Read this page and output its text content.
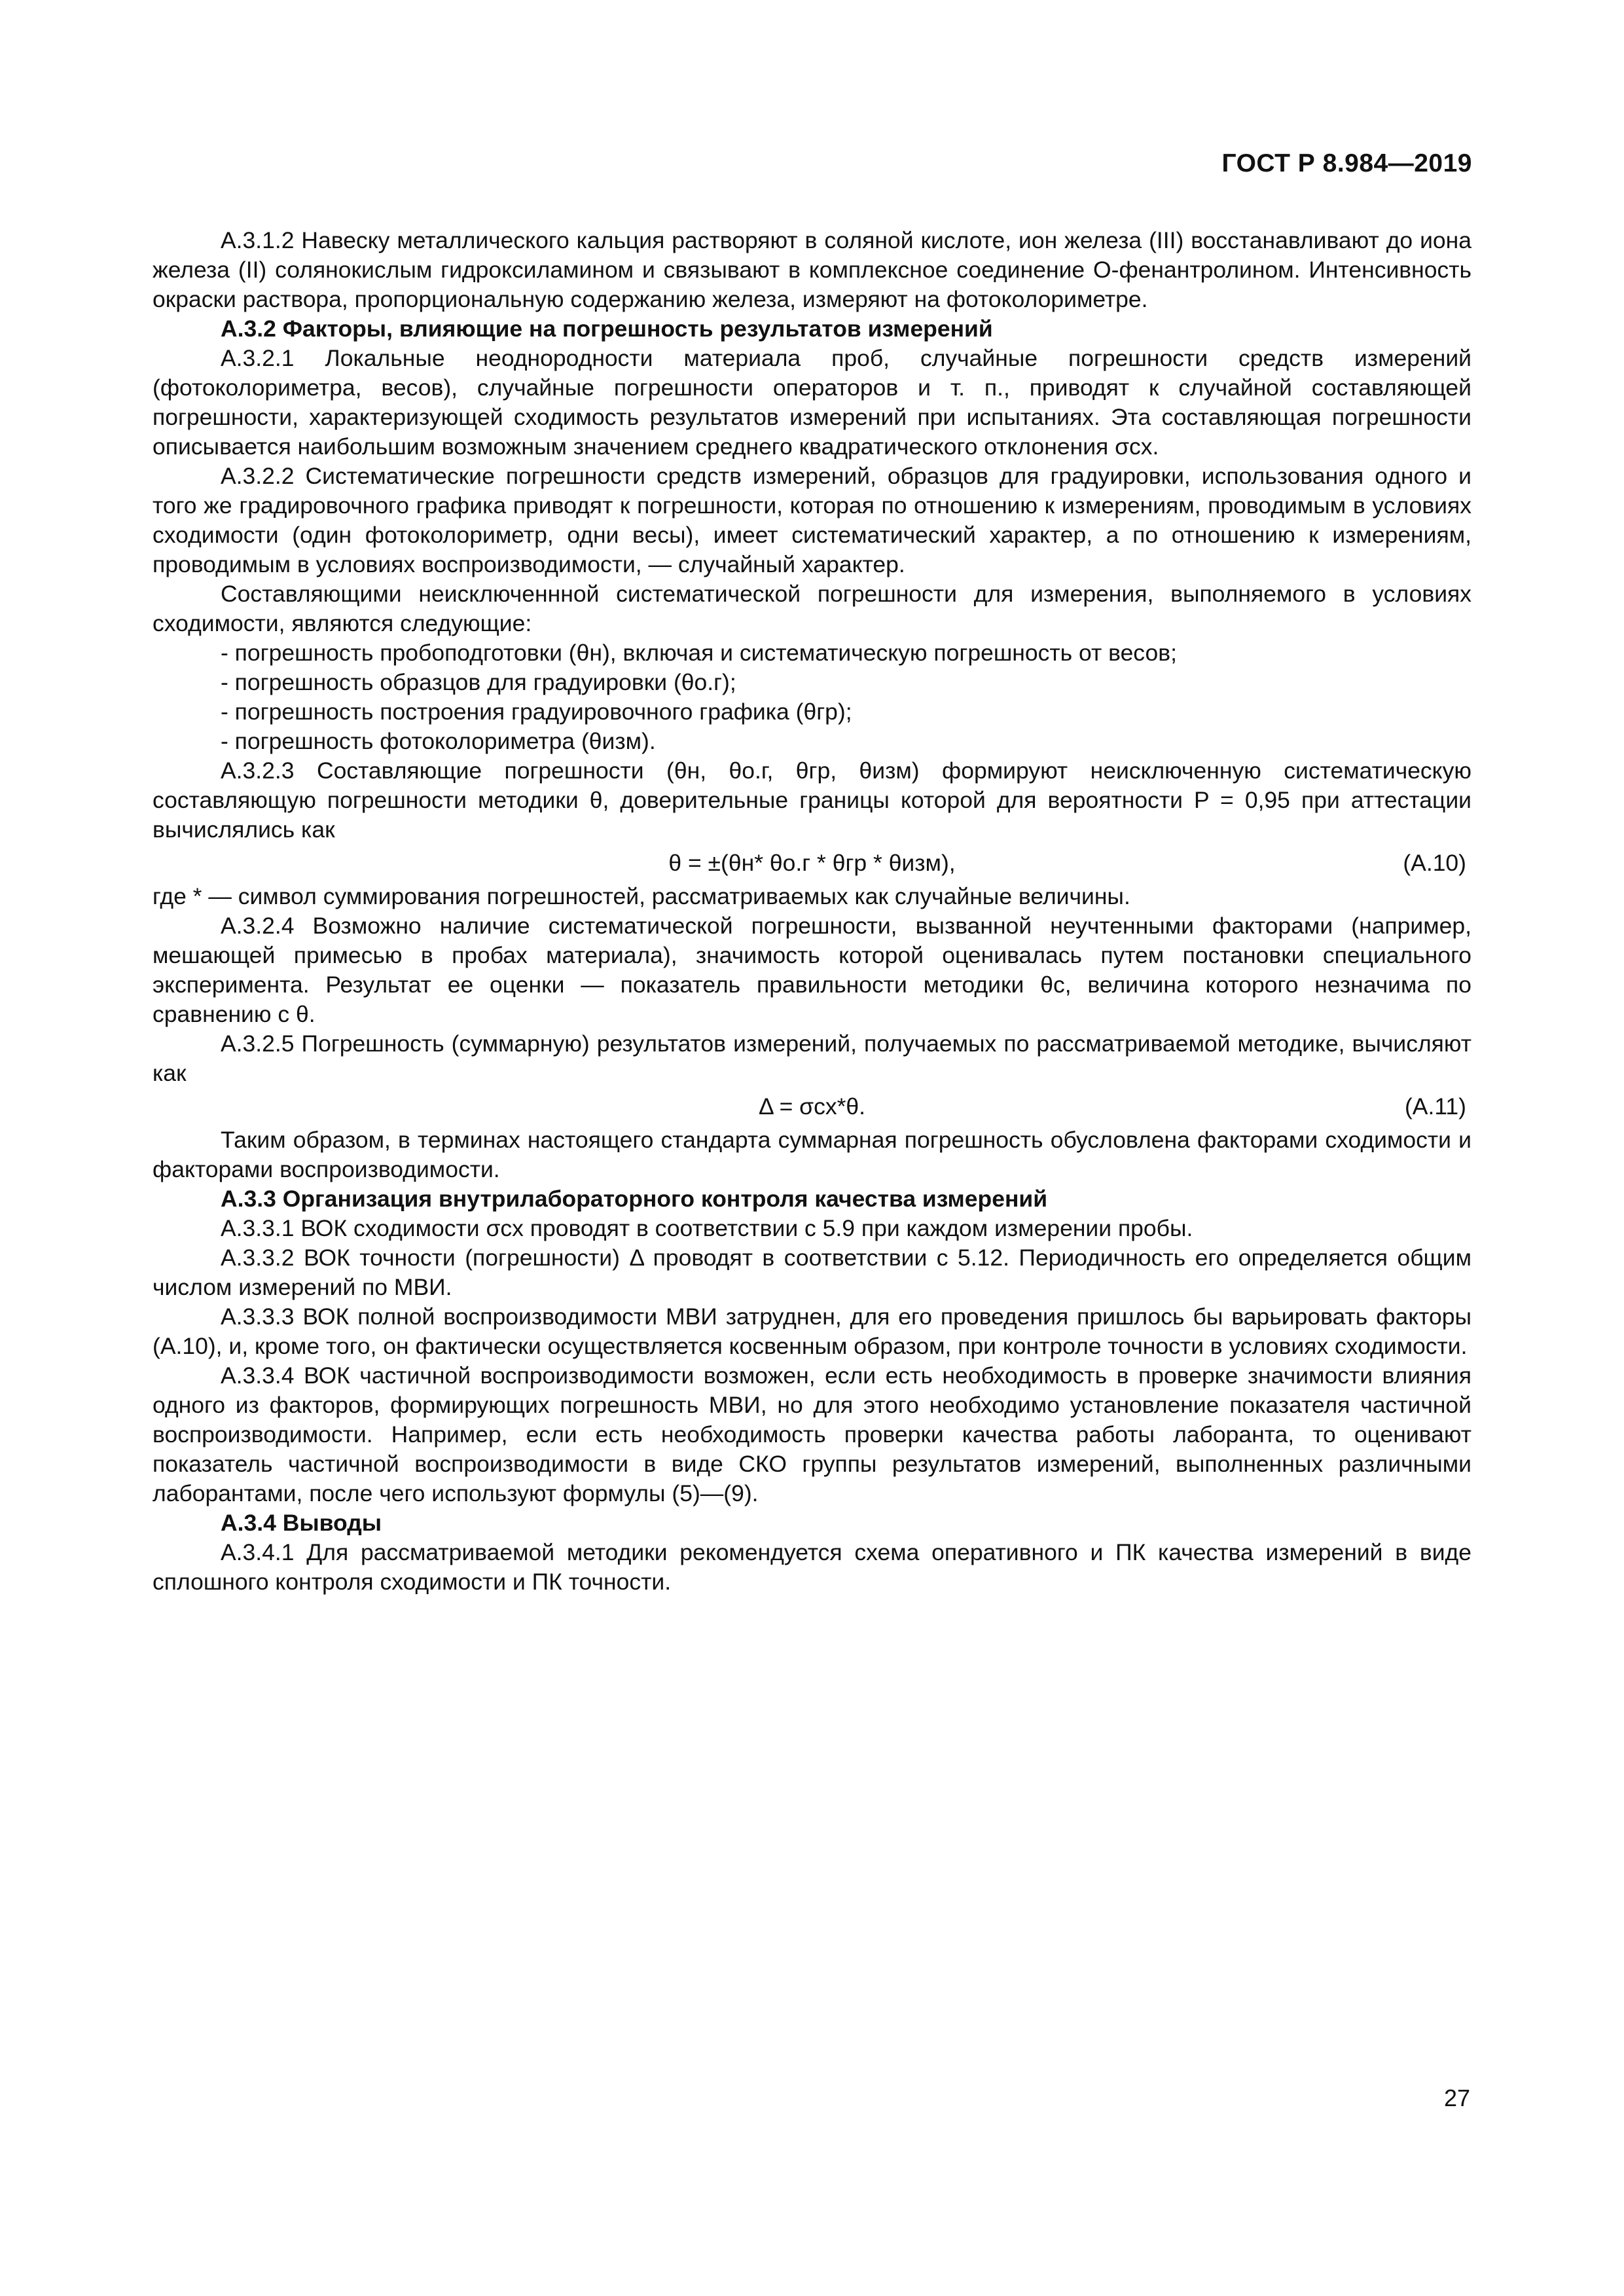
ГОСТ Р 8.984—2019

А.3.1.2 Навеску металлического кальция растворяют в соляной кислоте, ион железа (III) восстанавливают до иона железа (II) солянокислым гидроксиламином и связывают в комплексное соединение О-фенантролином. Интенсивность окраски раствора, пропорциональную содержанию железа, измеряют на фотоколориметре.

А.3.2 Факторы, влияющие на погрешность результатов измерений

А.3.2.1 Локальные неоднородности материала проб, случайные погрешности средств измерений (фотоколориметра, весов), случайные погрешности операторов и т. п., приводят к случайной составляющей погрешности, характеризующей сходимость результатов измерений при испытаниях. Эта составляющая погрешности описывается наибольшим возможным значением среднего квадратического отклонения σсх.

А.3.2.2 Систематические погрешности средств измерений, образцов для градуировки, использования одного и того же градировочного графика приводят к погрешности, которая по отношению к измерениям, проводимым в условиях сходимости (один фотоколориметр, одни весы), имеет систематический характер, а по отношению к измерениям, проводимым в условиях воспроизводимости, — случайный характер.

Составляющими неисключеннной систематической погрешности для измерения, выполняемого в условиях сходимости, являются следующие:

- погрешность пробоподготовки (θн), включая и систематическую погрешность от весов;

- погрешность образцов для градуировки (θо.г);

- погрешность построения градуировочного графика (θгр);

- погрешность фотоколориметра (θизм).

А.3.2.3 Составляющие погрешности (θн, θо.г, θгр, θизм) формируют неисключенную систематическую составляющую погрешности методики θ, доверительные границы которой для вероятности P = 0,95 при аттестации вычислялись как

θ = ±(θн* θо.г * θгр * θизм),	(А.10)

где * — символ суммирования погрешностей, рассматриваемых как случайные величины.

А.3.2.4 Возможно наличие систематической погрешности, вызванной неучтенными факторами (например, мешающей примесью в пробах материала), значимость которой оценивалась путем постановки специального эксперимента. Результат ее оценки — показатель правильности методики θс, величина которого незначима по сравнению с θ.

А.3.2.5 Погрешность (суммарную) результатов измерений, получаемых по рассматриваемой методике, вычисляют как

Δ = σсх*θ.	(А.11)

Таким образом, в терминах настоящего стандарта суммарная погрешность обусловлена факторами сходимости и факторами воспроизводимости.

А.3.3 Организация внутрилабораторного контроля качества измерений

А.3.3.1 ВОК сходимости σсх проводят в соответствии с 5.9 при каждом измерении пробы.

А.3.3.2 ВОК точности (погрешности) Δ проводят в соответствии с 5.12. Периодичность его определяется общим числом измерений по МВИ.

А.3.3.3 ВОК полной воспроизводимости МВИ затруднен, для его проведения пришлось бы варьировать факторы (А.10), и, кроме того, он фактически осуществляется косвенным образом, при контроле точности в условиях сходимости.

А.3.3.4 ВОК частичной воспроизводимости возможен, если есть необходимость в проверке значимости влияния одного из факторов, формирующих погрешность МВИ, но для этого необходимо установление показателя частичной воспроизводимости. Например, если есть необходимость проверки качества работы лаборанта, то оценивают показатель частичной воспроизводимости в виде СКО группы результатов измерений, выполненных различными лаборантами, после чего используют формулы (5)—(9).

А.3.4 Выводы

А.3.4.1 Для рассматриваемой методики рекомендуется схема оперативного и ПК качества измерений в виде сплошного контроля сходимости и ПК точности.

27
